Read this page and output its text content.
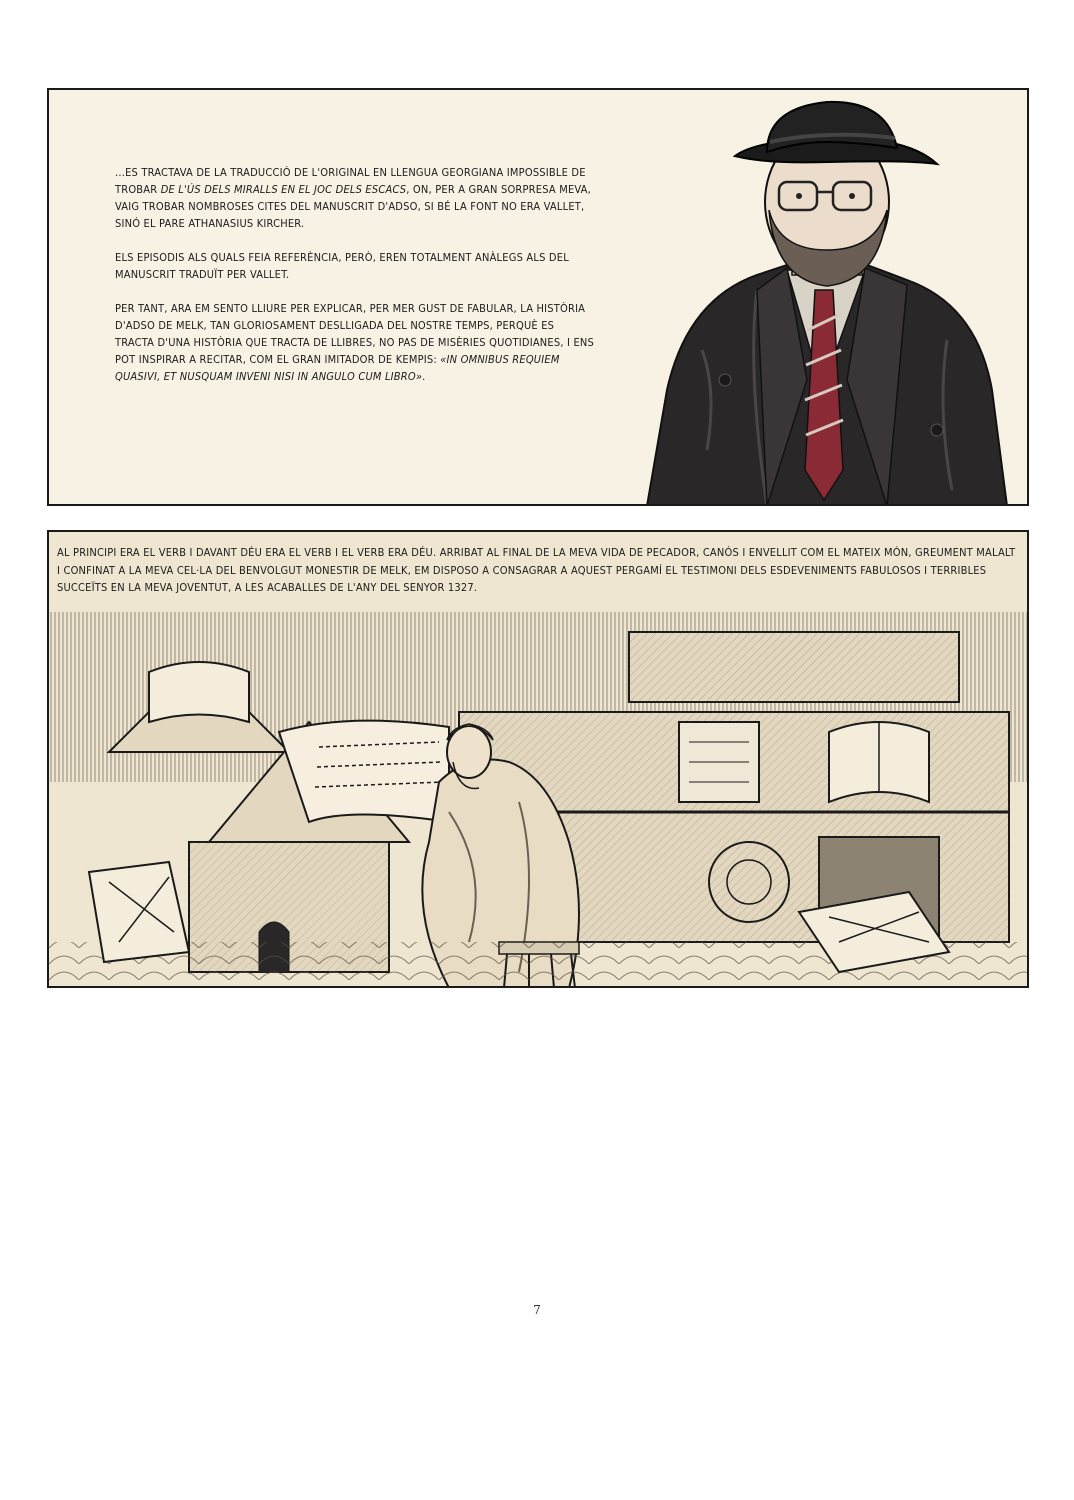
…ES TRACTAVA DE LA TRADUCCIÓ DE L'ORIGINAL EN LLENGUA GEORGIANA IMPOSSIBLE DE TROBAR DE L'ÚS DELS MIRALLS EN EL JOC DELS ESCACS, ON, PER A GRAN SORPRESA MEVA, VAIG TROBAR NOMBROSES CITES DEL MANUSCRIT D'ADSO, SI BÉ LA FONT NO ERA VALLET, SINÓ EL PARE ATHANASIUS KIRCHER.

ELS EPISODIS ALS QUALS FEIA REFERÈNCIA, PERÒ, EREN TOTALMENT ANÀLEGS ALS DEL MANUSCRIT TRADUÏT PER VALLET.

PER TANT, ARA EM SENTO LLIURE PER EXPLICAR, PER MER GUST DE FABULAR, LA HISTÒRIA D'ADSO DE MELK, TAN GLORIOSAMENT DESLLIGADA DEL NOSTRE TEMPS, PERQUÈ ES TRACTA D'UNA HISTÒRIA QUE TRACTA DE LLIBRES, NO PAS DE MISÈRIES QUOTIDIANES, I ENS POT INSPIRAR A RECITAR, COM EL GRAN IMITADOR DE KEMPIS: «IN OMNIBUS REQUIEM QUASIVI, ET NUSQUAM INVENI NISI IN ANGULO CUM LIBRO».

AL PRINCIPI ERA EL VERB I DAVANT DÉU ERA EL VERB I EL VERB ERA DÉU. ARRIBAT AL FINAL DE LA MEVA VIDA DE PECADOR, CANÓS I ENVELLIT COM EL MATEIX MÓN, GREUMENT MALALT I CONFINAT A LA MEVA CEL·LA DEL BENVOLGUT MONESTIR DE MELK, EM DISPOSO A CONSAGRAR A AQUEST PERGAMÍ EL TESTIMONI DELS ESDEVENIMENTS FABULOSOS I TERRIBLES SUCCEÏTS EN LA MEVA JOVENTUT, A LES ACABALLES DE L'ANY DEL SENYOR 1327.

7
